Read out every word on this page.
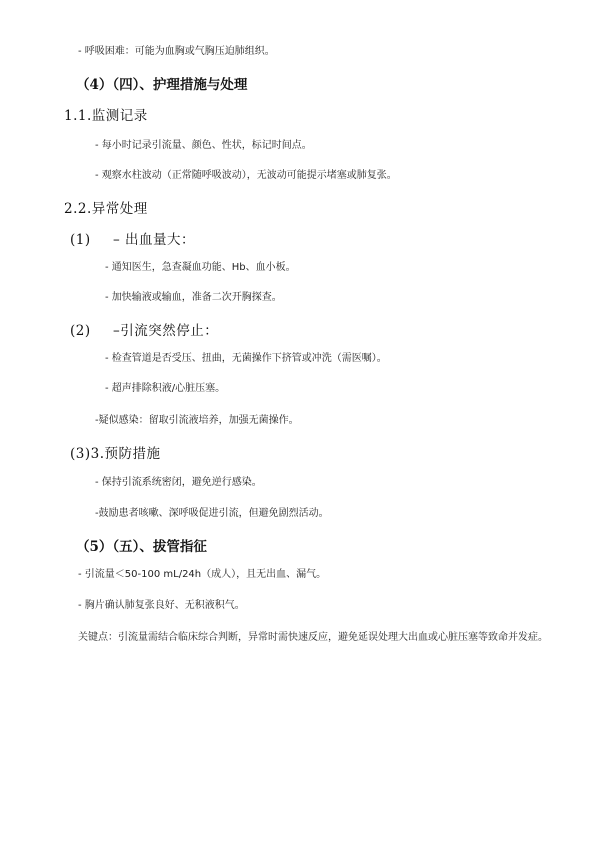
- 呼吸困难：可能为血胸或气胸压迫肺组织。
（4）（四）、护理措施与处理
1.1.监测记录
- 每小时记录引流量、颜色、性状，标记时间点。
- 观察水柱波动（正常随呼吸波动），无波动可能提示堵塞或肺复张。
2.2.异常处理
(1) – 出血量大：
- 通知医生，急查凝血功能、Hb、血小板。
- 加快输液或输血，准备二次开胸探查。
(2) –引流突然停止：
- 检查管道是否受压、扭曲，无菌操作下挤管或冲洗（需医嘱）。
- 超声排除积液/心脏压塞。
-疑似感染：留取引流液培养，加强无菌操作。
(3)3.预防措施
- 保持引流系统密闭，避免逆行感染。
-鼓励患者咳嗽、深呼吸促进引流，但避免剧烈活动。
（5）（五）、拔管指征
- 引流量＜50-100 mL/24h（成人），且无出血、漏气。
- 胸片确认肺复张良好、无积液积气。
关键点：引流量需结合临床综合判断，异常时需快速反应，避免延误处理大出血或心脏压塞等致命并发症。
